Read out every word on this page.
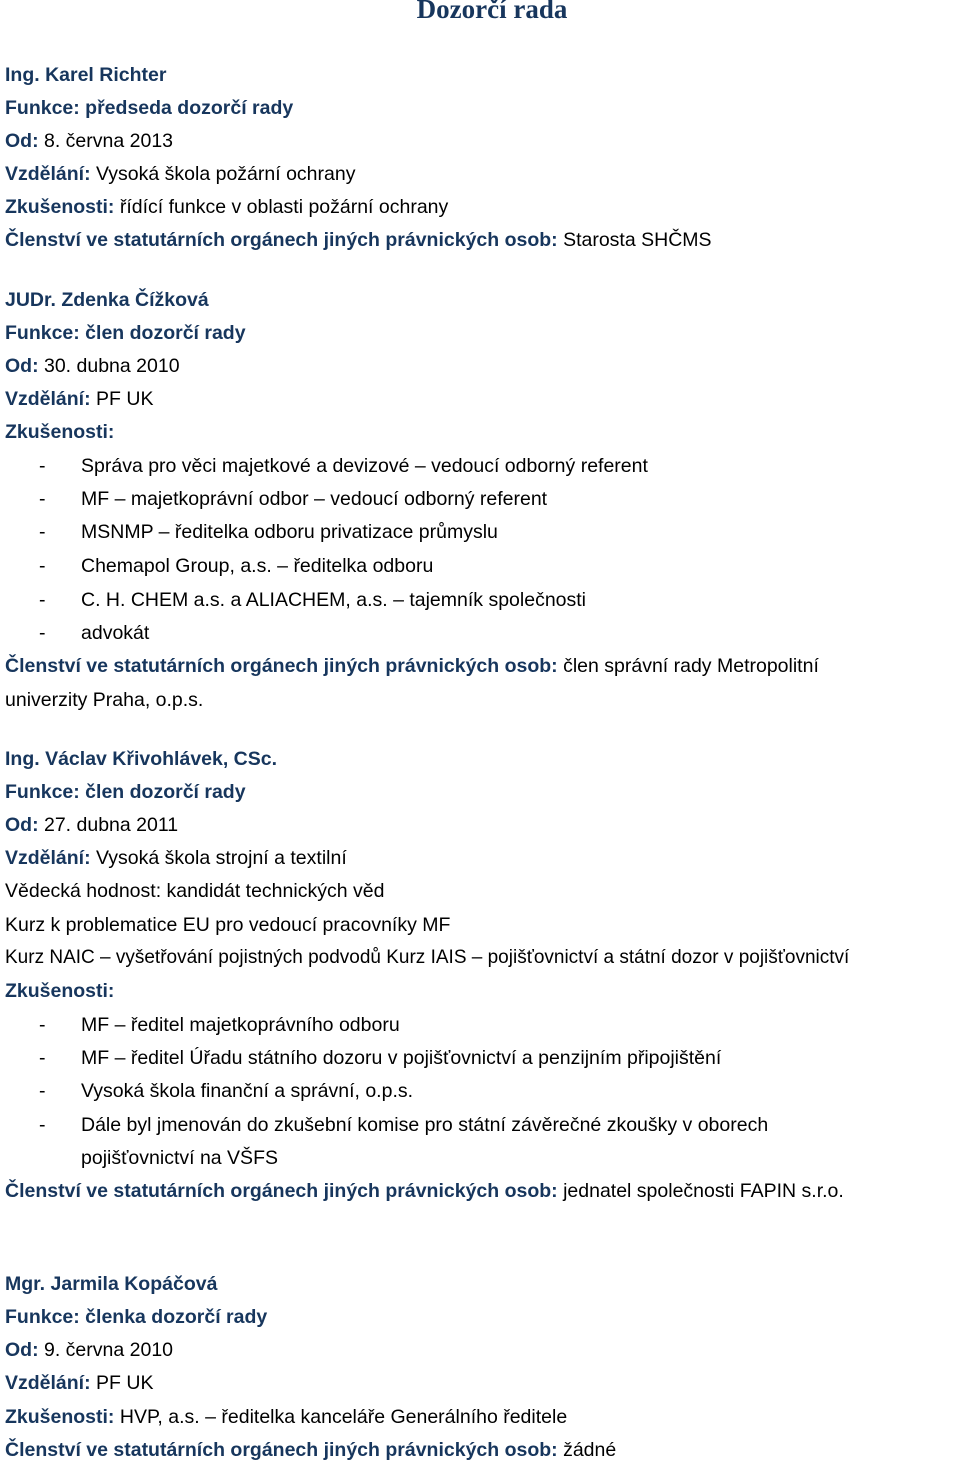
Dozorčí rada
Ing. Karel Richter
Funkce: předseda dozorčí rady
Od: 8. června 2013
Vzdělání: Vysoká škola požární ochrany
Zkušenosti: řídící funkce v oblasti požární ochrany
Členství ve statutárních orgánech jiných právnických osob: Starosta SHČMS
JUDr. Zdenka Čížková
Funkce: člen dozorčí rady
Od: 30. dubna 2010
Vzdělání: PF UK
Zkušenosti:
- Správa pro věci majetkové a devizové – vedoucí odborný referent
- MF – majetkoprávní odbor – vedoucí odborný referent
- MSNMP – ředitelka odboru privatizace průmyslu
- Chemapol Group, a.s. – ředitelka odboru
- C. H. CHEM a.s. a ALIACHEM, a.s. – tajemník společnosti
- advokát
Členství ve statutárních orgánech jiných právnických osob: člen správní rady Metropolitní
univerzity Praha, o.p.s.
Ing. Václav Křivohlávek, CSc.
Funkce: člen dozorčí rady
Od: 27. dubna 2011
Vzdělání: Vysoká škola strojní a textilní
Vědecká hodnost: kandidát technických věd
Kurz k problematice EU pro vedoucí pracovníky MF
Kurz NAIC – vyšetřování pojistných podvodů Kurz IAIS – pojišťovnictví a státní dozor v pojišťovnictví
Zkušenosti:
- MF – ředitel majetkoprávního odboru
- MF – ředitel Úřadu státního dozoru v pojišťovnictví a penzijním připojištění
- Vysoká škola finanční a správní, o.p.s.
- Dále byl jmenován do zkušební komise pro státní závěrečné zkoušky v oborech
pojišťovnictví na VŠFS
Členství ve statutárních orgánech jiných právnických osob: jednatel společnosti FAPIN s.r.o.
Mgr. Jarmila Kopáčová
Funkce: členka dozorčí rady
Od: 9. června 2010
Vzdělání: PF UK
Zkušenosti: HVP, a.s. – ředitelka kanceláře Generálního ředitele
Členství ve statutárních orgánech jiných právnických osob: žádné
